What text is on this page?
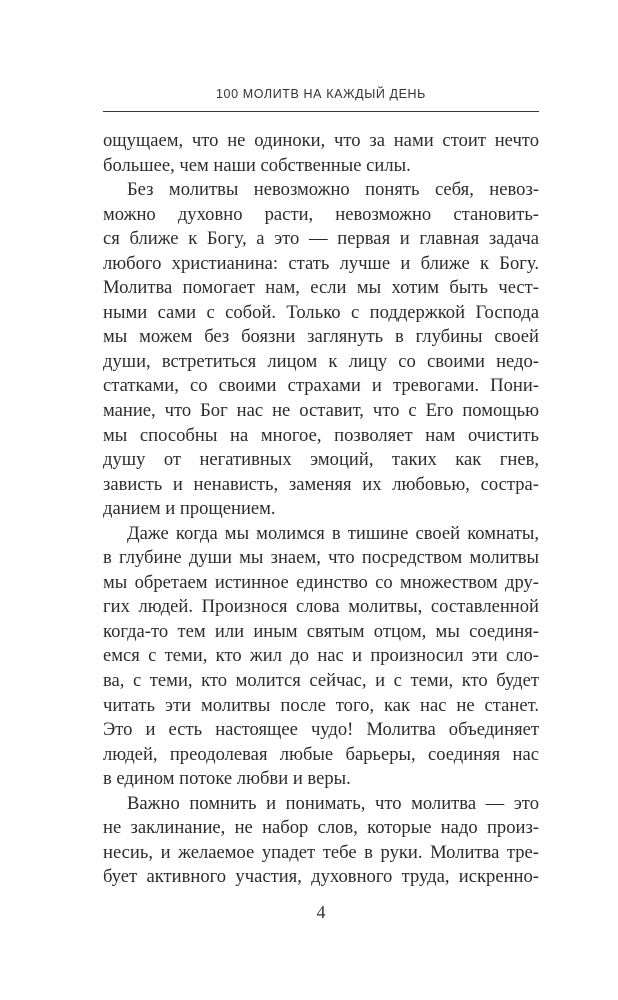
100 МОЛИТВ НА КАЖДЫЙ ДЕНЬ
ощущаем, что не одиноки, что за нами стоит нечто
большее, чем наши собственные силы.
Без молитвы невозможно понять себя, невоз-
можно духовно расти, невозможно становить-
ся ближе к Богу, а это — первая и главная задача
любого христианина: стать лучше и ближе к Богу.
Молитва помогает нам, если мы хотим быть чест-
ными сами с собой. Только с поддержкой Господа
мы можем без боязни заглянуть в глубины своей
души, встретиться лицом к лицу со своими недо-
статками, со своими страхами и тревогами. Пони-
мание, что Бог нас не оставит, что с Его помощью
мы способны на многое, позволяет нам очистить
душу от негативных эмоций, таких как гнев,
зависть и ненависть, заменяя их любовью, состра-
данием и прощением.
Даже когда мы молимся в тишине своей комнаты,
в глубине души мы знаем, что посредством молитвы
мы обретаем истинное единство со множеством дру-
гих людей. Произнося слова молитвы, составленной
когда-то тем или иным святым отцом, мы соединя-
емся с теми, кто жил до нас и произносил эти сло-
ва, с теми, кто молится сейчас, и с теми, кто будет
читать эти молитвы после того, как нас не станет.
Это и есть настоящее чудо! Молитва объединяет
людей, преодолевая любые барьеры, соединяя нас
в едином потоке любви и веры.
Важно помнить и понимать, что молитва — это
не заклинание, не набор слов, которые надо произ-
несиь, и желаемое упадет тебе в руки. Молитва тре-
бует активного участия, духовного труда, искренно-
4
